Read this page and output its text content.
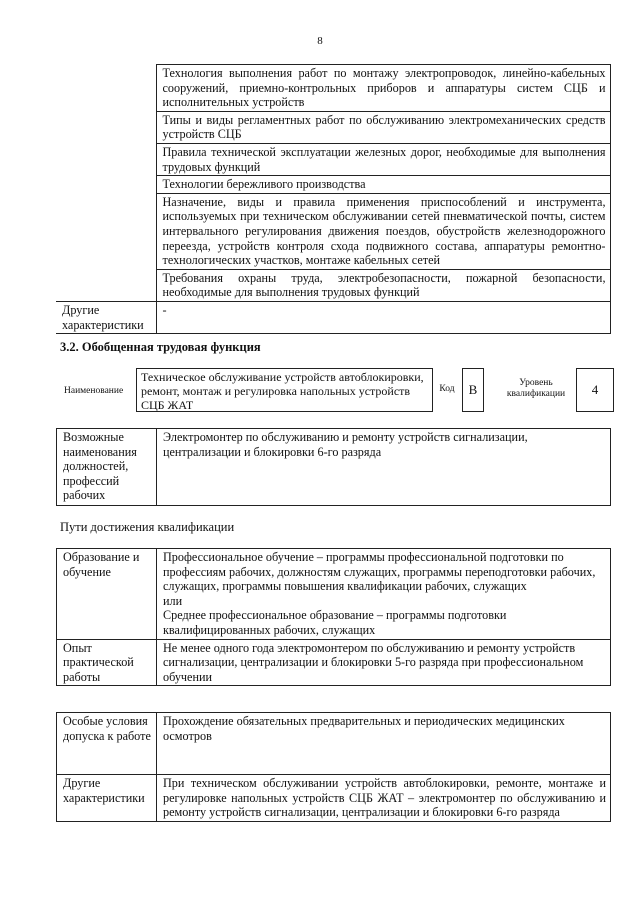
8
	Технология выполнения работ по монтажу электропроводок, линейно-кабельных сооружений, приемно-контрольных приборов и аппаратуры систем СЦБ и исполнительных устройств
	Типы и виды регламентных работ по обслуживанию электромеханических средств устройств СЦБ
	Правила технической эксплуатации железных дорог, необходимые для выполнения трудовых функций
	Технологии бережливого производства
	Назначение, виды и правила применения приспособлений и инструмента, используемых при техническом обслуживании сетей пневматической почты, систем интервального регулирования движения поездов, обустройств железнодорожного переезда, устройств контроля схода подвижного состава, аппаратуры ремонтно-технологических участков, монтаже кабельных сетей
	Требования охраны труда, электробезопасности, пожарной безопасности, необходимые для выполнения трудовых функций
Другие характеристики	-
3.2. Обобщенная трудовая функция
Наименование
Техническое обслуживание устройств автоблокировки, ремонт, монтаж и регулировка напольных устройств СЦБ ЖАТ
Код	B	Уровень квалификации	4
Возможные наименования должностей, профессий рабочих	Электромонтер по обслуживанию и ремонту устройств сигнализации, централизации и блокировки 6-го разряда
Пути достижения квалификации
Образование и обучение	Профессиональное обучение – программы профессиональной подготовки по профессиям рабочих, должностям служащих, программы переподготовки рабочих, служащих, программы повышения квалификации рабочих, служащих
или
Среднее профессиональное образование – программы подготовки квалифицированных рабочих, служащих

Опыт практической работы	Не менее одного года электромонтером по обслуживанию и ремонту устройств сигнализации, централизации и блокировки 5-го разряда при профессиональном обучении
Особые условия допуска к работе	Прохождение обязательных предварительных и периодических медицинских осмотров
Другие характеристики	При техническом обслуживании устройств автоблокировки, ремонте, монтаже и регулировке напольных устройств СЦБ ЖАТ – электромонтер по обслуживанию и ремонту устройств сигнализации, централизации и блокировки 6-го разряда
